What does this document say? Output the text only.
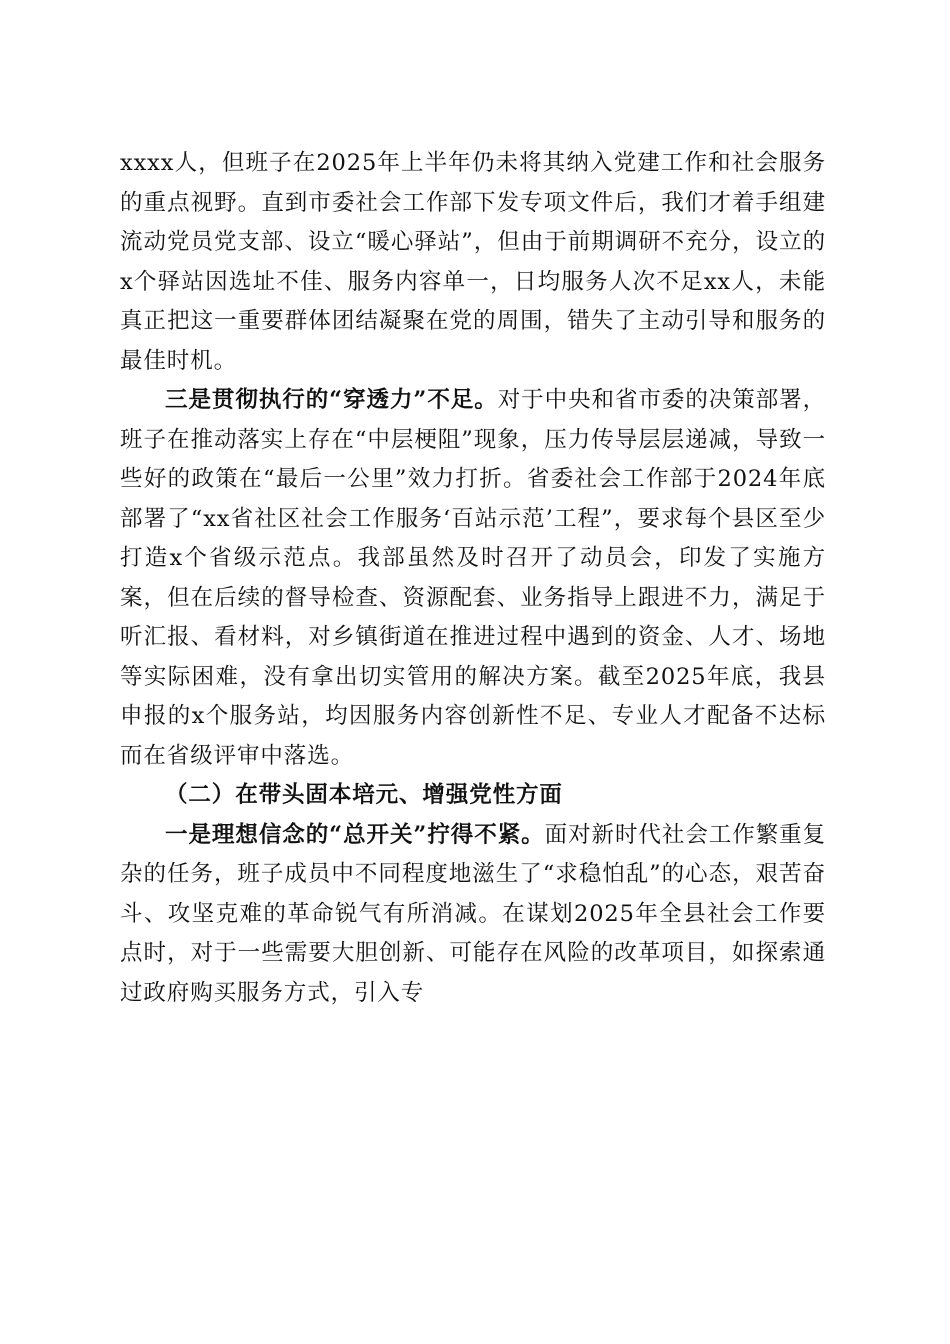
xxxx人，但班子在2025年上半年仍未将其纳入党建工作和社会服务的重点视野。直到市委社会工作部下发专项文件后，我们才着手组建流动党员党支部、设立“暖心驿站”，但由于前期调研不充分，设立的x个驿站因选址不佳、服务内容单一，日均服务人次不足xx人，未能真正把这一重要群体团结凝聚在党的周围，错失了主动引导和服务的最佳时机。

三是贯彻执行的“穿透力”不足。对于中央和省市委的决策部署，班子在推动落实上存在“中层梗阻”现象，压力传导层层递减，导致一些好的政策在“最后一公里”效力打折。省委社会工作部于2024年底部署了“xx省社区社会工作服务‘百站示范’工程”，要求每个县区至少打造x个省级示范点。我部虽然及时召开了动员会，印发了实施方案，但在后续的督导检查、资源配套、业务指导上跟进不力，满足于听汇报、看材料，对乡镇街道在推进过程中遇到的资金、人才、场地等实际困难，没有拿出切实管用的解决方案。截至2025年底，我县申报的x个服务站，均因服务内容创新性不足、专业人才配备不达标而在省级评审中落选。

（二）在带头固本培元、增强党性方面

一是理想信念的“总开关”拧得不紧。面对新时代社会工作繁重复杂的任务，班子成员中不同程度地滋生了“求稳怕乱”的心态，艰苦奋斗、攻坚克难的革命锐气有所消减。在谋划2025年全县社会工作要点时，对于一些需要大胆创新、可能存在风险的改革项目，如探索通过政府购买服务方式，引入专
